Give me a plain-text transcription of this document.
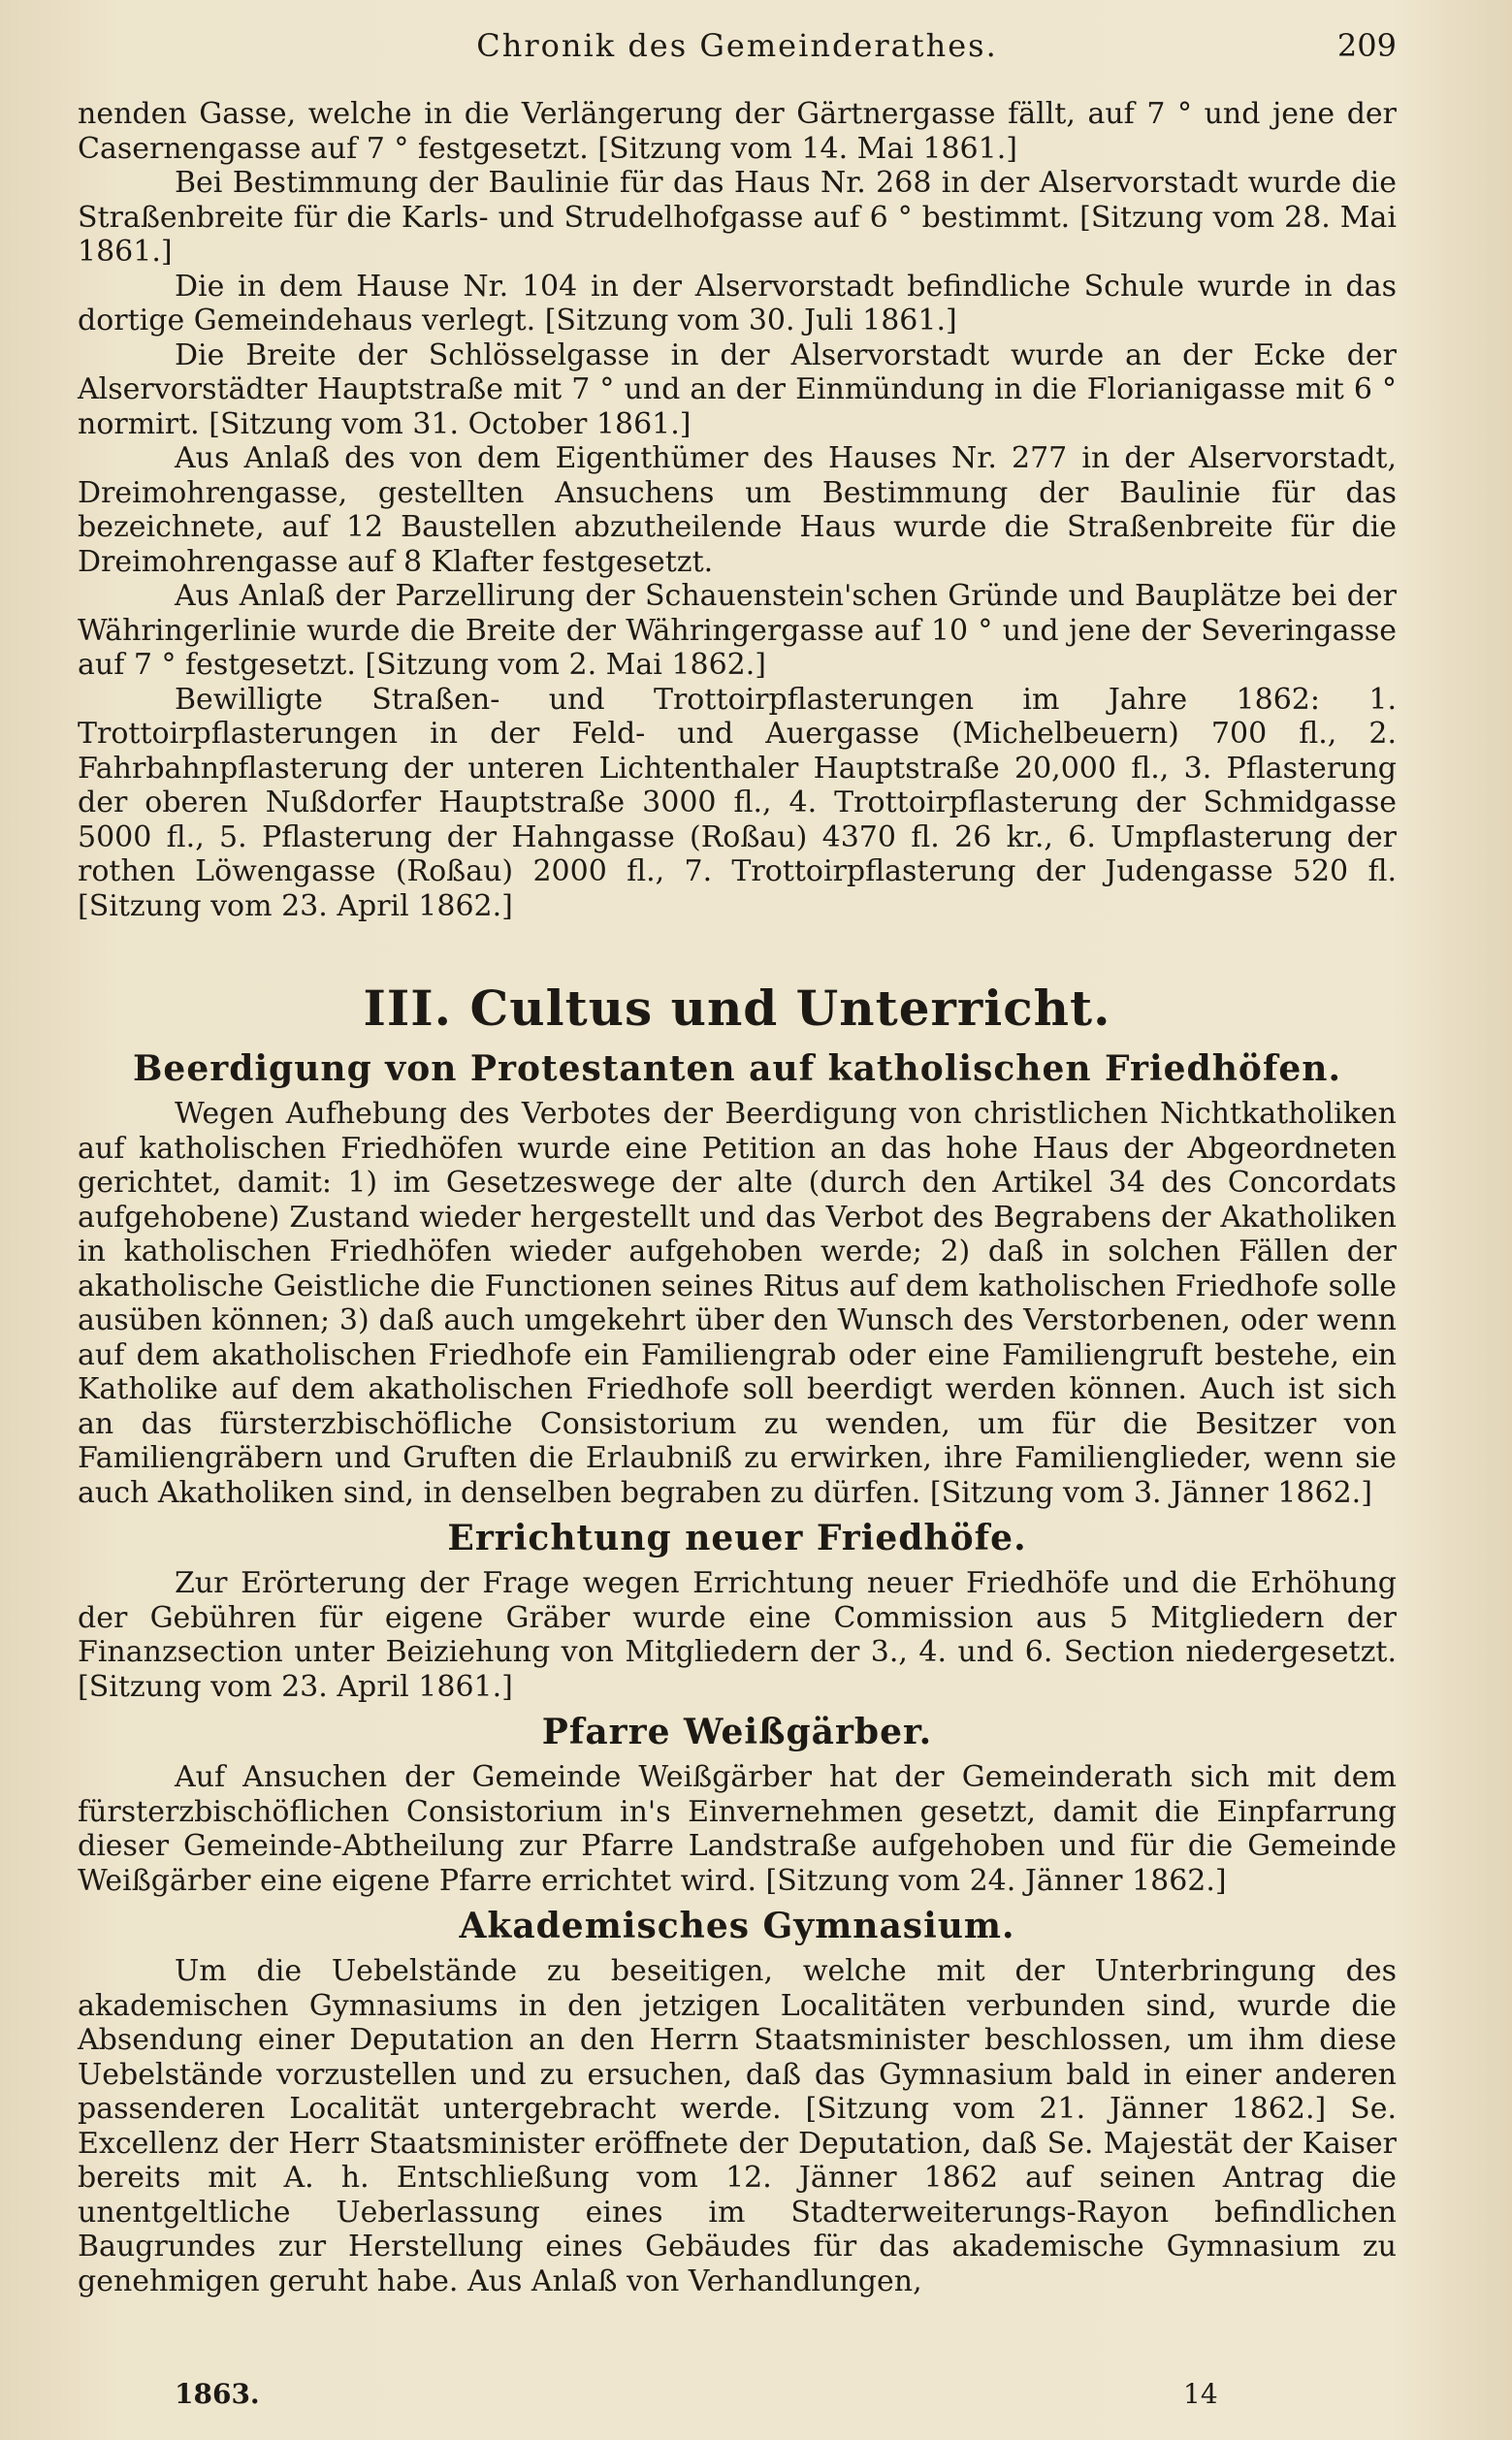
Chronik des Gemeinderathes.	209

nenden Gasse, welche in die Verlängerung der Gärtnergasse fällt, auf 7 ° und jene der Casernengasse auf 7 ° festgesetzt. [Sitzung vom 14. Mai 1861.]

Bei Bestimmung der Baulinie für das Haus Nr. 268 in der Alservorstadt wurde die Straßenbreite für die Karls- und Strudelhofgasse auf 6 ° bestimmt. [Sitzung vom 28. Mai 1861.]

Die in dem Hause Nr. 104 in der Alservorstadt befindliche Schule wurde in das dortige Gemeindehaus verlegt. [Sitzung vom 30. Juli 1861.]

Die Breite der Schlösselgasse in der Alservorstadt wurde an der Ecke der Alservorstädter Hauptstraße mit 7 ° und an der Einmündung in die Florianigasse mit 6 ° normirt. [Sitzung vom 31. October 1861.]

Aus Anlaß des von dem Eigenthümer des Hauses Nr. 277 in der Alservorstadt, Dreimohrengasse, gestellten Ansuchens um Bestimmung der Baulinie für das bezeichnete, auf 12 Baustellen abzutheilende Haus wurde die Straßenbreite für die Dreimohrengasse auf 8 Klafter festgesetzt.

Aus Anlaß der Parzellirung der Schauenstein'schen Gründe und Bauplätze bei der Währingerlinie wurde die Breite der Währingergasse auf 10 ° und jene der Severingasse auf 7 ° festgesetzt. [Sitzung vom 2. Mai 1862.]

Bewilligte Straßen- und Trottoirpflasterungen im Jahre 1862: 1. Trottoirpflasterungen in der Feld- und Auergasse (Michelbeuern) 700 fl., 2. Fahrbahnpflasterung der unteren Lichtenthaler Hauptstraße 20,000 fl., 3. Pflasterung der oberen Nußdorfer Hauptstraße 3000 fl., 4. Trottoirpflasterung der Schmidgasse 5000 fl., 5. Pflasterung der Hahngasse (Roßau) 4370 fl. 26 kr., 6. Umpflasterung der rothen Löwengasse (Roßau) 2000 fl., 7. Trottoirpflasterung der Judengasse 520 fl. [Sitzung vom 23. April 1862.]

III. Cultus und Unterricht.
Beerdigung von Protestanten auf katholischen Friedhöfen.

Wegen Aufhebung des Verbotes der Beerdigung von christlichen Nichtkatholiken auf katholischen Friedhöfen wurde eine Petition an das hohe Haus der Abgeordneten gerichtet, damit: 1) im Gesetzeswege der alte (durch den Artikel 34 des Concordats aufgehobene) Zustand wieder hergestellt und das Verbot des Begrabens der Akatholiken in katholischen Friedhöfen wieder aufgehoben werde; 2) daß in solchen Fällen der akatholische Geistliche die Functionen seines Ritus auf dem katholischen Friedhofe solle ausüben können; 3) daß auch umgekehrt über den Wunsch des Verstorbenen, oder wenn auf dem akatholischen Friedhofe ein Familiengrab oder eine Familiengruft bestehe, ein Katholike auf dem akatholischen Friedhofe soll beerdigt werden können. Auch ist sich an das fürsterzbischöfliche Consistorium zu wenden, um für die Besitzer von Familiengräbern und Gruften die Erlaubniß zu erwirken, ihre Familienglieder, wenn sie auch Akatholiken sind, in denselben begraben zu dürfen. [Sitzung vom 3. Jänner 1862.]

Errichtung neuer Friedhöfe.

Zur Erörterung der Frage wegen Errichtung neuer Friedhöfe und die Erhöhung der Gebühren für eigene Gräber wurde eine Commission aus 5 Mitgliedern der Finanzsection unter Beiziehung von Mitgliedern der 3., 4. und 6. Section niedergesetzt. [Sitzung vom 23. April 1861.]

Pfarre Weißgärber.

Auf Ansuchen der Gemeinde Weißgärber hat der Gemeinderath sich mit dem fürsterzbischöflichen Consistorium in's Einvernehmen gesetzt, damit die Einpfarrung dieser Gemeinde-Abtheilung zur Pfarre Landstraße aufgehoben und für die Gemeinde Weißgärber eine eigene Pfarre errichtet wird. [Sitzung vom 24. Jänner 1862.]

Akademisches Gymnasium.

Um die Uebelstände zu beseitigen, welche mit der Unterbringung des akademischen Gymnasiums in den jetzigen Localitäten verbunden sind, wurde die Absendung einer Deputation an den Herrn Staatsminister beschlossen, um ihm diese Uebelstände vorzustellen und zu ersuchen, daß das Gymnasium bald in einer anderen passenderen Localität untergebracht werde. [Sitzung vom 21. Jänner 1862.] Se. Excellenz der Herr Staatsminister eröffnete der Deputation, daß Se. Majestät der Kaiser bereits mit A. h. Entschließung vom 12. Jänner 1862 auf seinen Antrag die unentgeltliche Ueberlassung eines im Stadterweiterungs-Rayon befindlichen Baugrundes zur Herstellung eines Gebäudes für das akademische Gymnasium zu genehmigen geruht habe. Aus Anlaß von Verhandlungen,

1863.	14
